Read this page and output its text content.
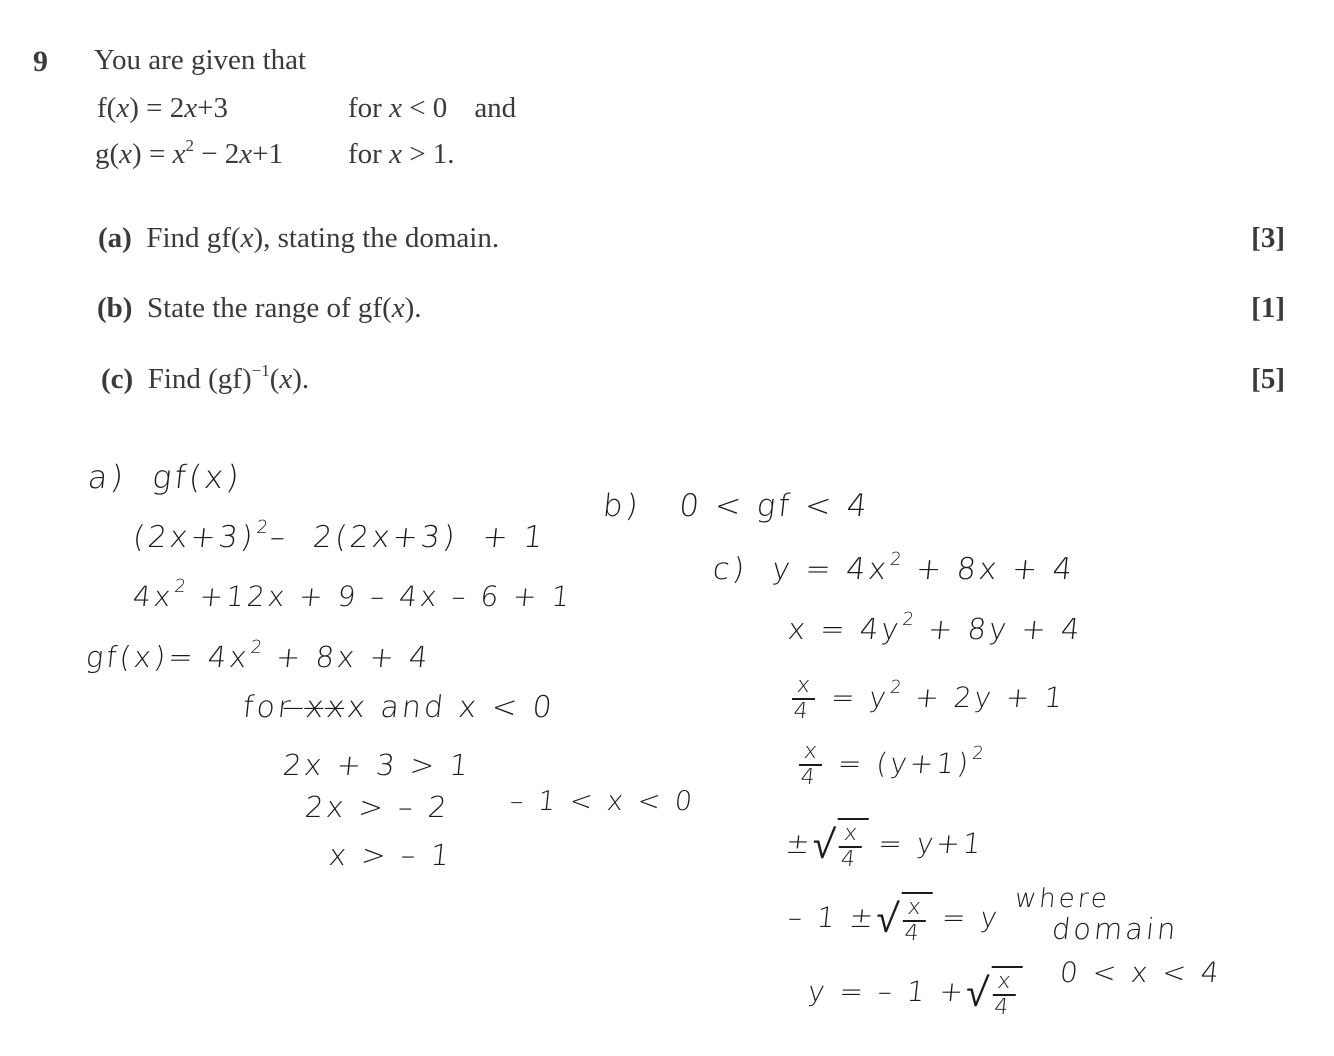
9 You are given that
f(x) = 2x+3	for x < 0 and
$g(x) = x^2 - 2x+1$ for x > 1.
(a) Find gf(x), stating the domain.	[3]
(b) State the range of gf(x).	[1]
(c) Find (gf)$^{-1}$(x).	[5]
a)  gf(x)
$(2x+3)^2-$  2(2x+3)  + 1
$4x^2 +12x + 9 - 4x - 6 + 1$
$gf(x)= 4x^2 + 8x + 4$
for ̶x̶x̶x and x < 0
2x + 3 > 1
2x > – 2
x > – 1
– 1 < x < 0
b)   0 < gf < 4
c)  $y = 4x^2 + 8x + 4$
$x = 4y^2 + 8y + 4$
$\frac{x}{4} = y^2 + 2y + 1$
$\frac{x}{4} = (y+1)^2$
±√
$\frac{x}{4} = y+1$
– 1 ±√
$\frac{x}{4} = y$
y = – 1 +√
$\frac{x}{4}$
where
domain
0 < x < 4
